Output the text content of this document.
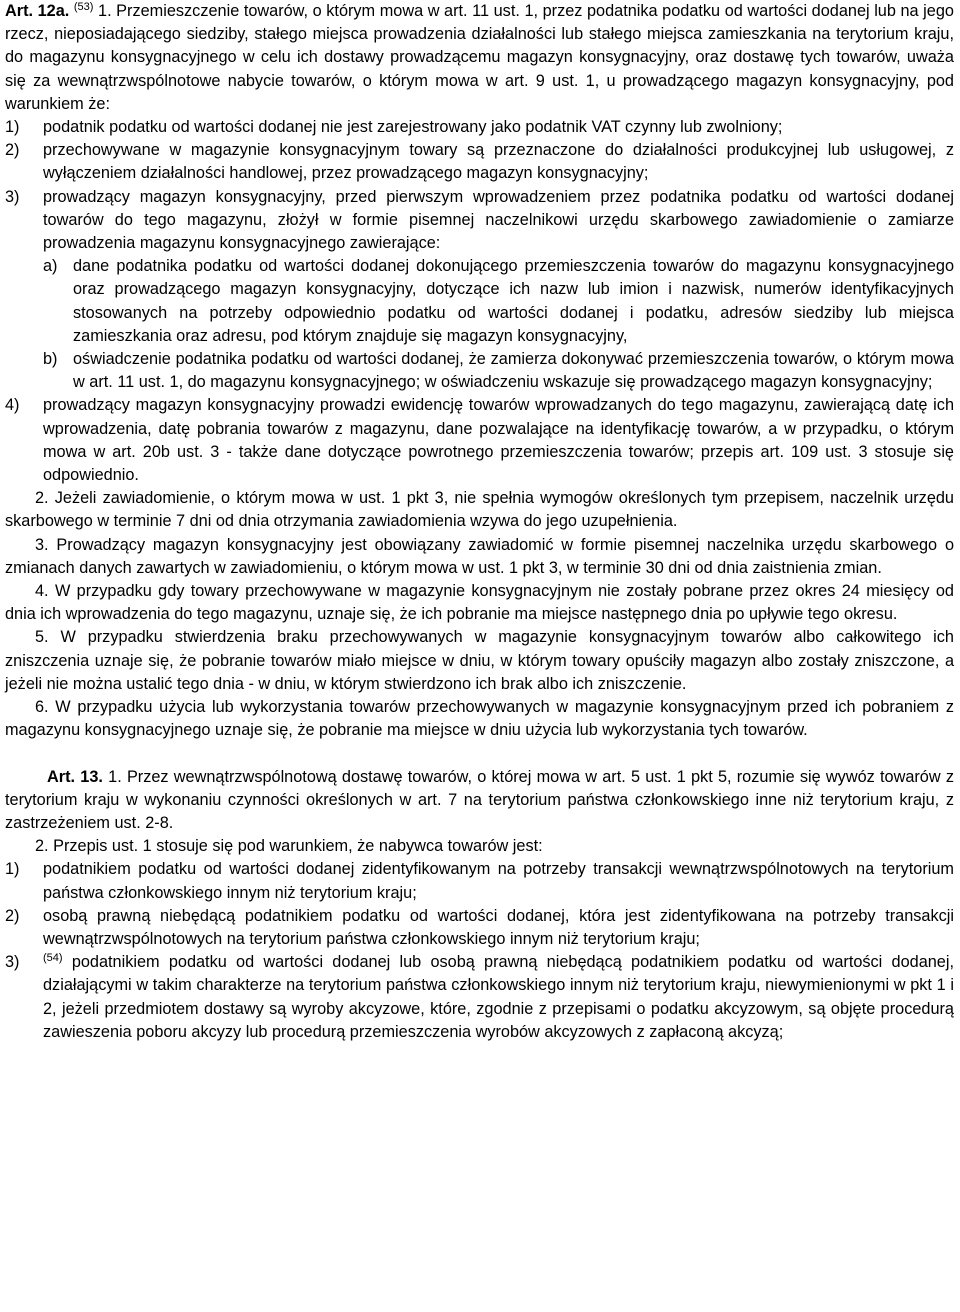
Art. 12a. $^{(53)}$ 1. Przemieszczenie towarów, o którym mowa w art. 11 ust. 1, przez podatnika podatku od wartości dodanej lub na jego rzecz, nieposiadającego siedziby, stałego miejsca prowadzenia działalności lub stałego miejsca zamieszkania na terytorium kraju, do magazynu konsygnacyjnego w celu ich dostawy prowadzącemu magazyn konsygnacyjny, oraz dostawę tych towarów, uważa się za wewnątrzwspólnotowe nabycie towarów, o którym mowa w art. 9 ust. 1, u prowadzącego magazyn konsygnacyjny, pod warunkiem że:

1)	podatnik podatku od wartości dodanej nie jest zarejestrowany jako podatnik VAT czynny lub zwolniony;
2)	przechowywane w magazynie konsygnacyjnym towary są przeznaczone do działalności produkcyjnej lub usługowej, z wyłączeniem działalności handlowej, przez prowadzącego magazyn konsygnacyjny;
3)	prowadzący magazyn konsygnacyjny, przed pierwszym wprowadzeniem przez podatnika podatku od wartości dodanej towarów do tego magazynu, złożył w formie pisemnej naczelnikowi urzędu skarbowego zawiadomienie o zamiarze prowadzenia magazynu konsygnacyjnego zawierające:
a) dane podatnika podatku od wartości dodanej dokonującego przemieszczenia towarów do magazynu konsygnacyjnego oraz prowadzącego magazyn konsygnacyjny, dotyczące ich nazw lub imion i nazwisk, numerów identyfikacyjnych stosowanych na potrzeby odpowiednio podatku od wartości dodanej i podatku, adresów siedziby lub miejsca zamieszkania oraz adresu, pod którym znajduje się magazyn konsygnacyjny,
b) oświadczenie podatnika podatku od wartości dodanej, że zamierza dokonywać przemieszczenia towarów, o którym mowa w art. 11 ust. 1, do magazynu konsygnacyjnego; w oświadczeniu wskazuje się prowadzącego magazyn konsygnacyjny;
4)	prowadzący magazyn konsygnacyjny prowadzi ewidencję towarów wprowadzanych do tego magazynu, zawierającą datę ich wprowadzenia, datę pobrania towarów z magazynu, dane pozwalające na identyfikację towarów, a w przypadku, o którym mowa w art. 20b ust. 3 - także dane dotyczące powrotnego przemieszczenia towarów; przepis art. 109 ust. 3 stosuje się odpowiednio.

2. Jeżeli zawiadomienie, o którym mowa w ust. 1 pkt 3, nie spełnia wymogów określonych tym przepisem, naczelnik urzędu skarbowego w terminie 7 dni od dnia otrzymania zawiadomienia wzywa do jego uzupełnienia.

3. Prowadzący magazyn konsygnacyjny jest obowiązany zawiadomić w formie pisemnej naczelnika urzędu skarbowego o zmianach danych zawartych w zawiadomieniu, o którym mowa w ust. 1 pkt 3, w terminie 30 dni od dnia zaistnienia zmian.

4. W przypadku gdy towary przechowywane w magazynie konsygnacyjnym nie zostały pobrane przez okres 24 miesięcy od dnia ich wprowadzenia do tego magazynu, uznaje się, że ich pobranie ma miejsce następnego dnia po upływie tego okresu.

5. W przypadku stwierdzenia braku przechowywanych w magazynie konsygnacyjnym towarów albo całkowitego ich zniszczenia uznaje się, że pobranie towarów miało miejsce w dniu, w którym towary opuściły magazyn albo zostały zniszczone, a jeżeli nie można ustalić tego dnia - w dniu, w którym stwierdzono ich brak albo ich zniszczenie.

6. W przypadku użycia lub wykorzystania towarów przechowywanych w magazynie konsygnacyjnym przed ich pobraniem z magazynu konsygnacyjnego uznaje się, że pobranie ma miejsce w dniu użycia lub wykorzystania tych towarów.

Art. 13. 1. Przez wewnątrzwspólnotową dostawę towarów, o której mowa w art. 5 ust. 1 pkt 5, rozumie się wywóz towarów z terytorium kraju w wykonaniu czynności określonych w art. 7 na terytorium państwa członkowskiego inne niż terytorium kraju, z zastrzeżeniem ust. 2-8.

2. Przepis ust. 1 stosuje się pod warunkiem, że nabywca towarów jest:

1)	podatnikiem podatku od wartości dodanej zidentyfikowanym na potrzeby transakcji wewnątrzwspólnotowych na terytorium państwa członkowskiego innym niż terytorium kraju;
2)	osobą prawną niebędącą podatnikiem podatku od wartości dodanej, która jest zidentyfikowana na potrzeby transakcji wewnątrzwspólnotowych na terytorium państwa członkowskiego innym niż terytorium kraju;
3)	$^{(54)}$ podatnikiem podatku od wartości dodanej lub osobą prawną niebędącą podatnikiem podatku od wartości dodanej, działającymi w takim charakterze na terytorium państwa członkowskiego innym niż terytorium kraju, niewymienionymi w pkt 1 i 2, jeżeli przedmiotem dostawy są wyroby akcyzowe, które, zgodnie z przepisami o podatku akcyzowym, są objęte procedurą zawieszenia poboru akcyzy lub procedurą przemieszczenia wyrobów akcyzowych z zapłaconą akcyzą;
